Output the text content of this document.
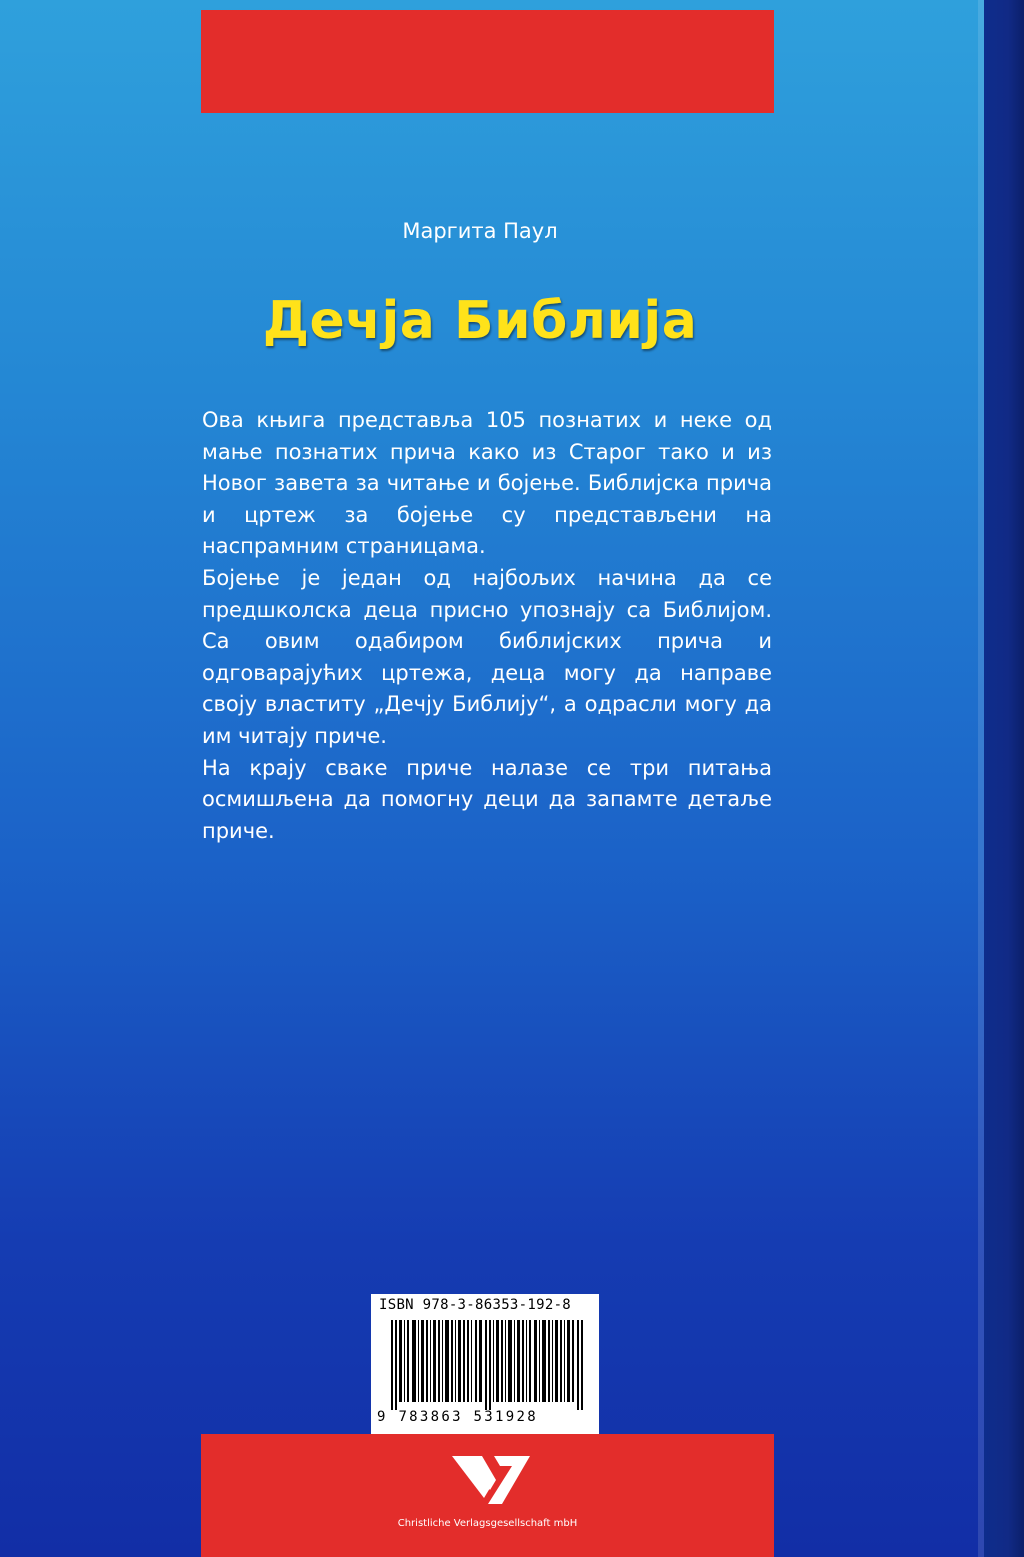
Маргита Паул
Дечја Библија

Ова књига представља 105 познатих и неке од мање познатих прича како из Старог тако и из Новог завета за читање и бојење. Библијска прича и цртеж за бојење су представљени на наспрамним страницама.

Бојење је један од најбољих начина да се предшколска деца присно упознају са Библијом. Са овим одабиром библијских прича и одговарајућих цртежа, деца могу да направе своју властиту „Дечју Библију“, а одрасли могу да им читају приче.

На крају сваке приче налазе се три питања осмишљена да помогну деци да запамте детаље приче.

ISBN 978-3-86353-192-8
9 783863 531928
Christliche Verlagsgesellschaft mbH
